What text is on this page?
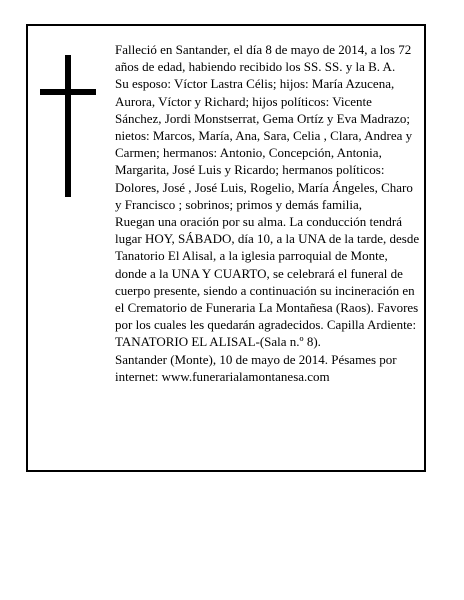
Falleció en Santander, el día 8 de mayo de 2014, a los 72 años de edad, habiendo recibido los SS. SS. y la B. A.

Su esposo: Víctor Lastra Célis; hijos: María Azucena, Aurora, Víctor y Richard; hijos políticos: Vicente Sánchez, Jordi Monstserrat, Gema Ortíz y Eva Madrazo; nietos: Marcos, María, Ana, Sara, Celia , Clara, Andrea y Carmen; hermanos: Antonio, Concepción, Antonia, Margarita, José Luis y Ricardo; hermanos políticos: Dolores, José , José Luis, Rogelio, María Ángeles, Charo y Francisco ; sobrinos; primos y demás familia,

Ruegan una oración por su alma. La conducción tendrá lugar HOY, SÁBADO, día 10, a la UNA de la tarde, desde Tanatorio El Alisal, a la iglesia parroquial de Monte, donde a la UNA Y CUARTO, se celebrará el funeral de cuerpo presente, siendo a continuación su incineración en el Crematorio de Funeraria La Montañesa (Raos). Favores por los cuales les quedarán agradecidos. Capilla Ardiente: TANATORIO EL ALISAL-(Sala n.º 8).

Santander (Monte), 10 de mayo de 2014. Pésames por internet: www.funerarialamontanesa.com
